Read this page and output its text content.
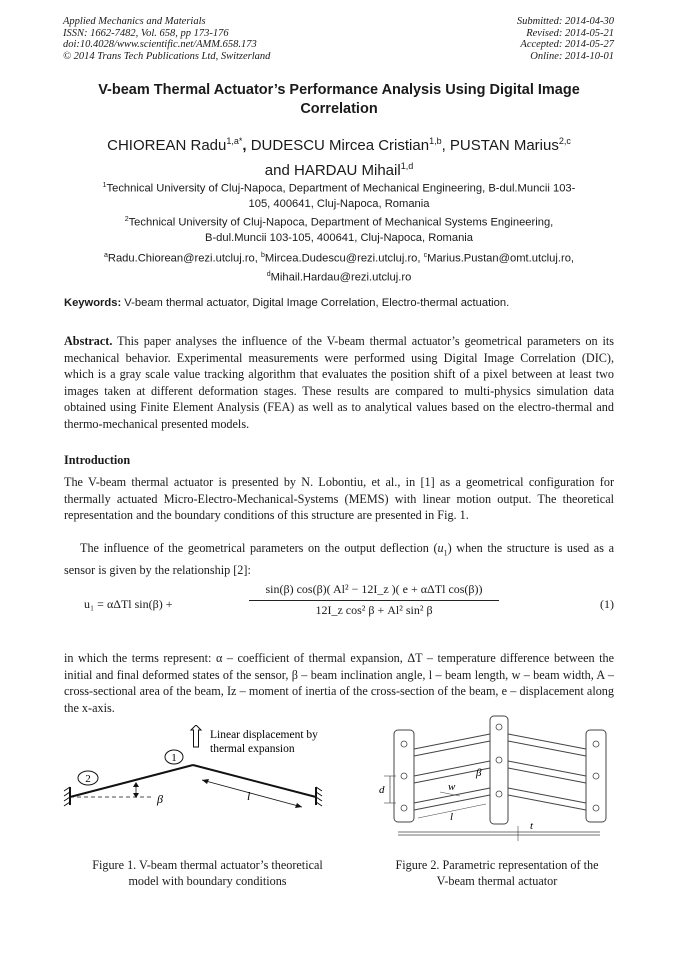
Applied Mechanics and Materials
ISSN: 1662-7482, Vol. 658, pp 173-176
doi:10.4028/www.scientific.net/AMM.658.173
© 2014 Trans Tech Publications Ltd, Switzerland
Submitted: 2014-04-30
Revised: 2014-05-21
Accepted: 2014-05-27
Online: 2014-10-01
V-beam Thermal Actuator’s Performance Analysis Using Digital Image
Correlation
CHIOREAN Radu$^{1,a*}$, DUDESCU Mircea Cristian$^{1,b}$, PUSTAN Marius$^{2,c}$
and HARDAU Mihail$^{1,d}$
$^1$Technical University of Cluj-Napoca, Department of Mechanical Engineering, B-dul.Muncii 103-
105, 400641, Cluj-Napoca, Romania
$^2$Technical University of Cluj-Napoca, Department of Mechanical Systems Engineering,
B-dul.Muncii 103-105, 400641, Cluj-Napoca, Romania
$^a$Radu.Chiorean@rezi.utcluj.ro, $^b$Mircea.Dudescu@rezi.utcluj.ro, $^c$Marius.Pustan@omt.utcluj.ro,
$^d$Mihail.Hardau@rezi.utcluj.ro
Keywords: V-beam thermal actuator, Digital Image Correlation, Electro-thermal actuation.
Abstract. This paper analyses the influence of the V-beam thermal actuator’s geometrical parameters on its mechanical behavior. Experimental measurements were performed using Digital Image Correlation (DIC), which is a gray scale value tracking algorithm that evaluates the position shift of a pixel between at least two images taken at different deformation stages. These results are compared to multi-physics simulation data obtained using Finite Element Analysis (FEA) as well as to analytical values based on the electro-thermal and thermo-mechanical presented models.
Introduction
The V-beam thermal actuator is presented by N. Lobontiu, et al., in [1] as a geometrical configuration for thermally actuated Micro-Electro-Mechanical-Systems (MEMS) with linear motion output. The theoretical representation and the boundary conditions of this structure are presented in Fig. 1.
The influence of the geometrical parameters on the output deflection $(u_1)$ when the structure is used as a sensor is given by the relationship [2]:
u₁ = αΔTl sin(β) +
sin(β) cos(β)( Al² − 12I_z )( e + αΔTl cos(β))
12I_z cos² β + Al² sin² β	(1)
in which the terms represent: α – coefficient of thermal expansion, ΔT – temperature difference between the initial and final deformed states of the sensor, β – beam inclination angle, l – beam length, w – beam width, A – cross-sectional area of the beam, Iz – moment of inertia of the cross-section of the beam, e – displacement along the x-axis.
1
2
β	l
Linear displacement by
thermal expansion
d	w
β
l
t
Figure 1. V-beam thermal actuator’s theoretical
model with boundary conditions
Figure 2. Parametric representation of the
V-beam thermal actuator
